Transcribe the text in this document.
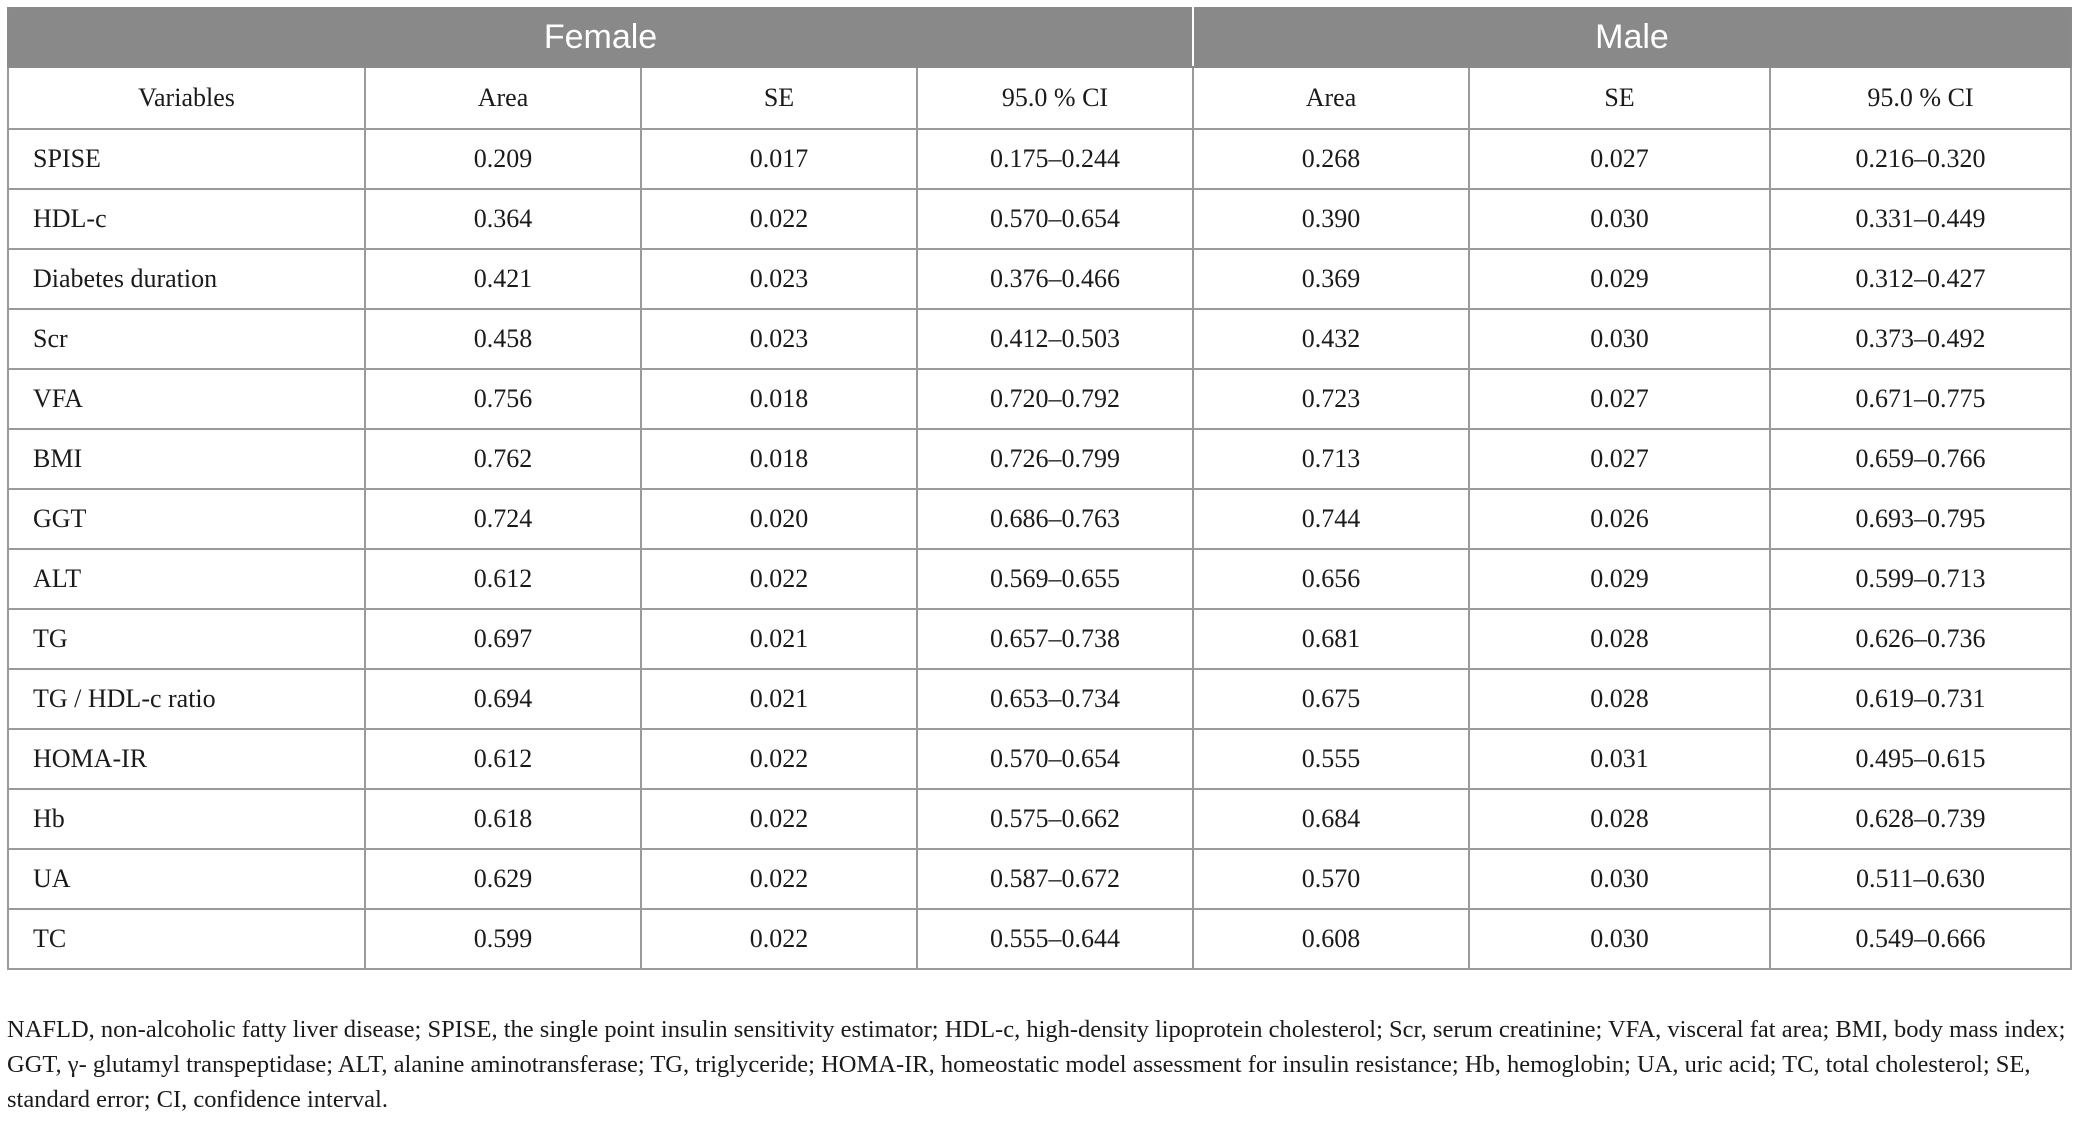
Female				Male		
Variables	Area	SE	95.0 % CI	Area	SE	95.0 % CI
SPISE	0.209	0.017	0.175–0.244	0.268	0.027	0.216–0.320
HDL-c	0.364	0.022	0.570–0.654	0.390	0.030	0.331–0.449
Diabetes duration	0.421	0.023	0.376–0.466	0.369	0.029	0.312–0.427
Scr	0.458	0.023	0.412–0.503	0.432	0.030	0.373–0.492
VFA	0.756	0.018	0.720–0.792	0.723	0.027	0.671–0.775
BMI	0.762	0.018	0.726–0.799	0.713	0.027	0.659–0.766
GGT	0.724	0.020	0.686–0.763	0.744	0.026	0.693–0.795
ALT	0.612	0.022	0.569–0.655	0.656	0.029	0.599–0.713
TG	0.697	0.021	0.657–0.738	0.681	0.028	0.626–0.736
TG / HDL-c ratio	0.694	0.021	0.653–0.734	0.675	0.028	0.619–0.731
HOMA-IR	0.612	0.022	0.570–0.654	0.555	0.031	0.495–0.615
Hb	0.618	0.022	0.575–0.662	0.684	0.028	0.628–0.739
UA	0.629	0.022	0.587–0.672	0.570	0.030	0.511–0.630
TC	0.599	0.022	0.555–0.644	0.608	0.030	0.549–0.666
NAFLD, non-alcoholic fatty liver disease; SPISE, the single point insulin sensitivity estimator; HDL-c, high-density lipoprotein cholesterol; Scr, serum creatinine; VFA, visceral fat area; BMI, body mass index; GGT, γ- glutamyl transpeptidase; ALT, alanine aminotransferase; TG, triglyceride; HOMA-IR, homeostatic model assessment for insulin resistance; Hb, hemoglobin; UA, uric acid; TC, total cholesterol; SE, standard error; CI, confidence interval.
